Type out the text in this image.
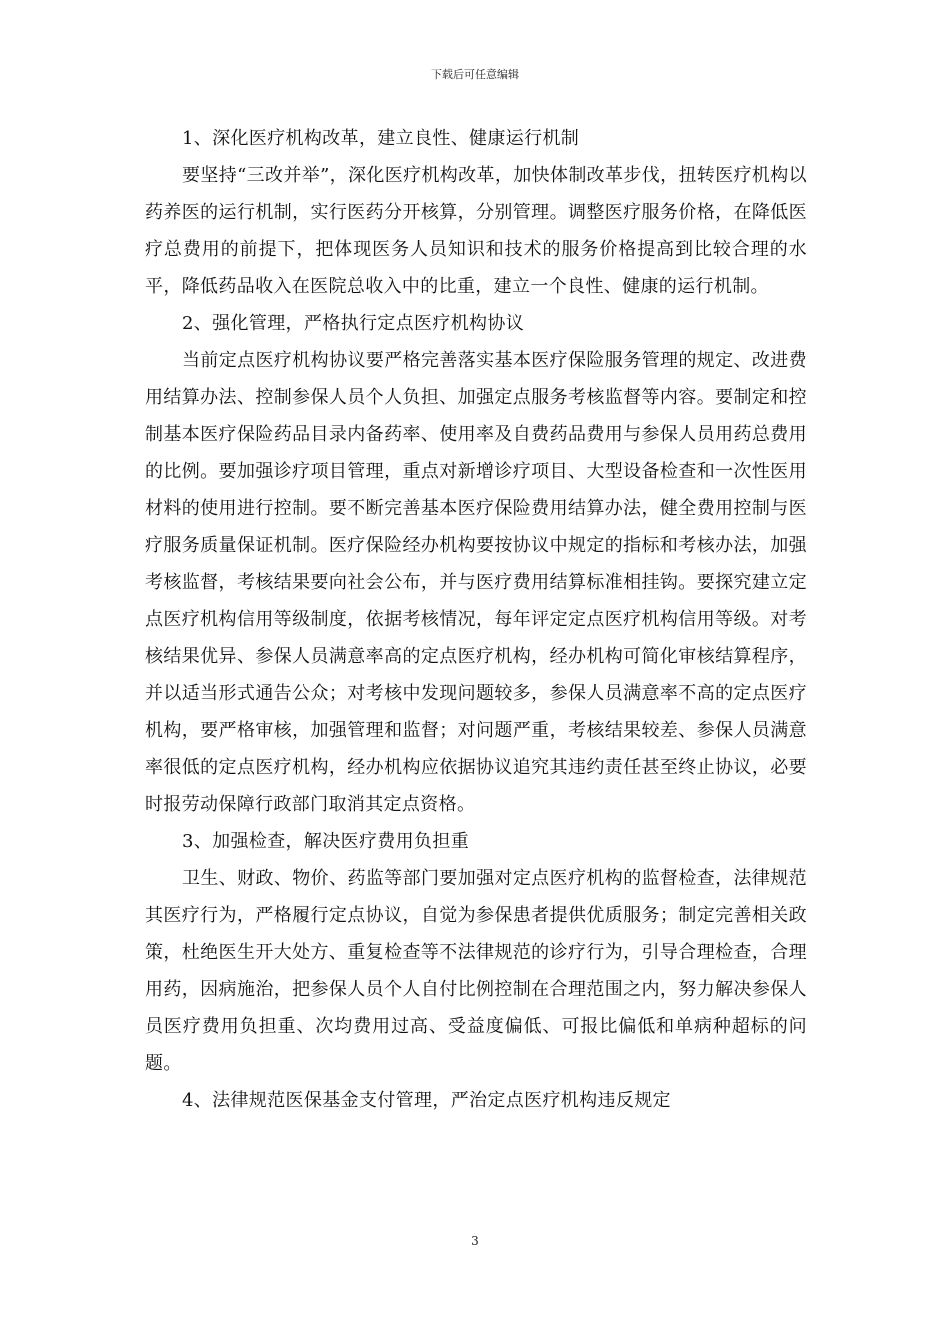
下载后可任意编辑

1、深化医疗机构改革，建立良性、健康运行机制

要坚持“三改并举”，深化医疗机构改革，加快体制改革步伐，扭转医疗机构以药养医的运行机制，实行医药分开核算，分别管理。调整医疗服务价格，在降低医疗总费用的前提下，把体现医务人员知识和技术的服务价格提高到比较合理的水平，降低药品收入在医院总收入中的比重，建立一个良性、健康的运行机制。

2、强化管理，严格执行定点医疗机构协议

当前定点医疗机构协议要严格完善落实基本医疗保险服务管理的规定、改进费用结算办法、控制参保人员个人负担、加强定点服务考核监督等内容。要制定和控制基本医疗保险药品目录内备药率、使用率及自费药品费用与参保人员用药总费用的比例。要加强诊疗项目管理，重点对新增诊疗项目、大型设备检查和一次性医用材料的使用进行控制。要不断完善基本医疗保险费用结算办法，健全费用控制与医疗服务质量保证机制。医疗保险经办机构要按协议中规定的指标和考核办法，加强考核监督，考核结果要向社会公布，并与医疗费用结算标准相挂钩。要探究建立定点医疗机构信用等级制度，依据考核情况，每年评定定点医疗机构信用等级。对考核结果优异、参保人员满意率高的定点医疗机构，经办机构可简化审核结算程序，并以适当形式通告公众；对考核中发现问题较多，参保人员满意率不高的定点医疗机构，要严格审核，加强管理和监督；对问题严重，考核结果较差、参保人员满意率很低的定点医疗机构，经办机构应依据协议追究其违约责任甚至终止协议，必要时报劳动保障行政部门取消其定点资格。

3、加强检查，解决医疗费用负担重

卫生、财政、物价、药监等部门要加强对定点医疗机构的监督检查，法律规范其医疗行为，严格履行定点协议，自觉为参保患者提供优质服务；制定完善相关政策，杜绝医生开大处方、重复检查等不法律规范的诊疗行为，引导合理检查，合理用药，因病施治，把参保人员个人自付比例控制在合理范围之内，努力解决参保人员医疗费用负担重、次均费用过高、受益度偏低、可报比偏低和单病种超标的问题。

4、法律规范医保基金支付管理，严治定点医疗机构违反规定

3
